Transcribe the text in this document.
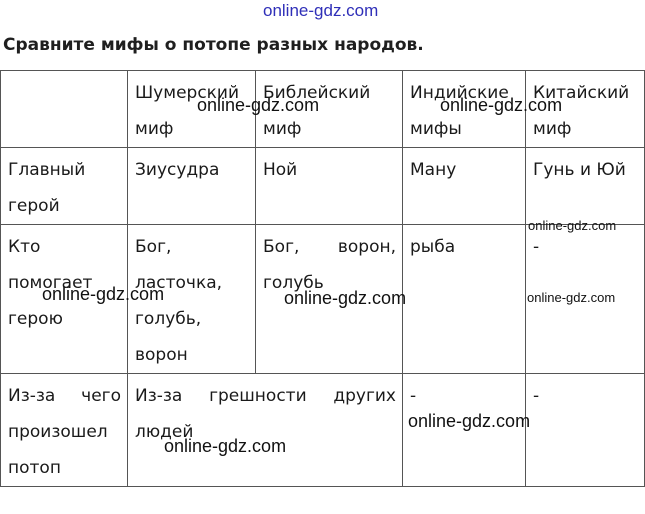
online-gdz.com
Сравните мифы о потопе разных народов.
	Шумерский миф	Библейский миф	Индийские мифы	Китайский миф
Главный герой	Зиусудра	Ной	Ману	Гунь и Юй
Кто помогает герою	Бог, ласточка, голубь, ворон	Бог, ворон, голубь	рыба	-
Из-за чего произошел потоп	Из-за грешности других людей		-	-
online-gdz.com	online-gdz.com
online-gdz.com
online-gdz.com	online-gdz.com	online-gdz.com
online-gdz.com
online-gdz.com
